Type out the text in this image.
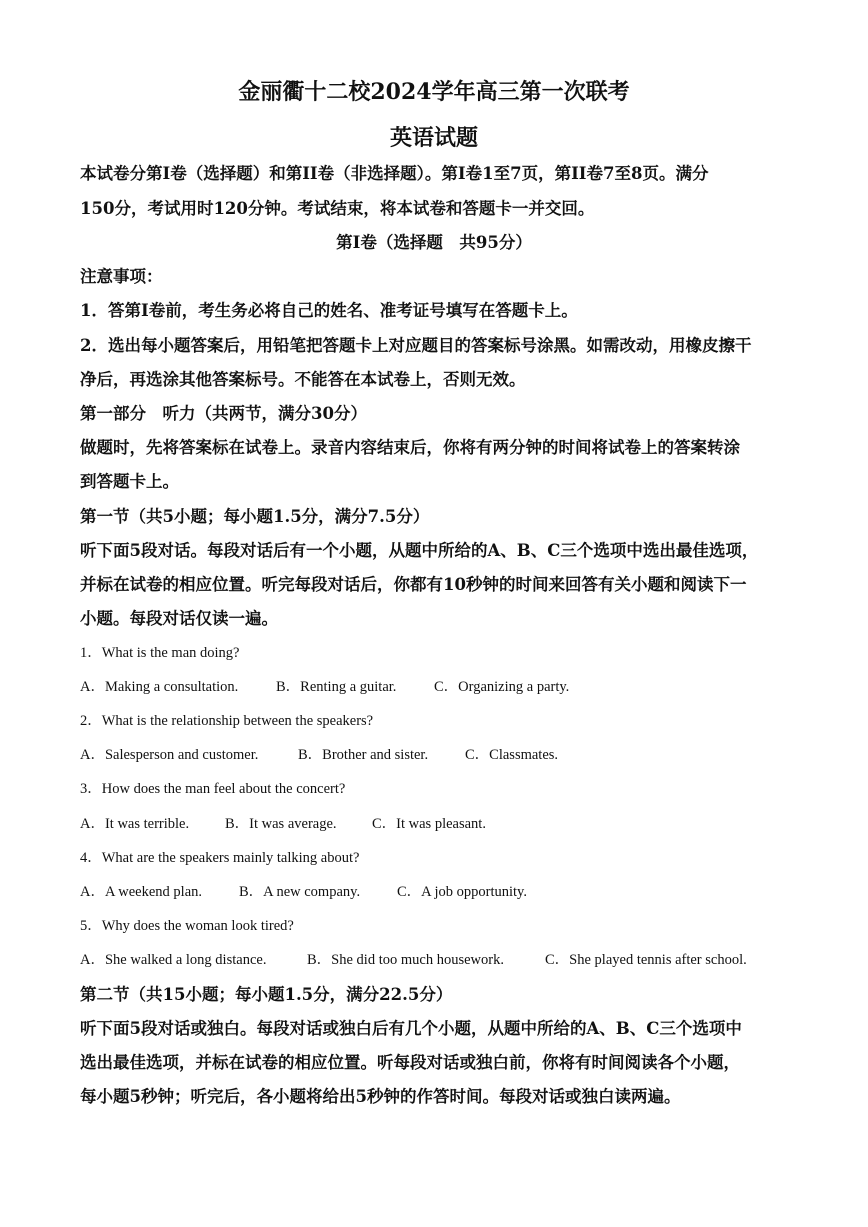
金丽衢十二校2024学年高三第一次联考
英语试题
本试卷分第I卷（选择题）和第II卷（非选择题）。第I卷1至7页，第II卷7至8页。满分
150分，考试用时120分钟。考试结束，将本试卷和答题卡一并交回。
第I卷（选择题　共95分）
注意事项：
1．答第I卷前，考生务必将自己的姓名、准考证号填写在答题卡上。
2．选出每小题答案后，用铅笔把答题卡上对应题目的答案标号涂黑。如需改动，用橡皮擦干
净后，再选涂其他答案标号。不能答在本试卷上，否则无效。
第一部分　听力（共两节，满分30分）
做题时，先将答案标在试卷上。录音内容结束后，你将有两分钟的时间将试卷上的答案转涂
到答题卡上。
第一节（共5小题；每小题1.5分，满分7.5分）
听下面5段对话。每段对话后有一个小题，从题中所给的A、B、C三个选项中选出最佳选项，
并标在试卷的相应位置。听完每段对话后，你都有10秒钟的时间来回答有关小题和阅读下一
小题。每段对话仅读一遍。
1．What is the man doing?
A．Making a consultation.	B．Renting a guitar.	C．Organizing a party.
2．What is the relationship between the speakers?
A．Salesperson and customer.	B．Brother and sister.	C．Classmates.
3．How does the man feel about the concert?
A．It was terrible. B．It was average. C．It was pleasant.
4．What are the speakers mainly talking about?
A．A weekend plan.	B．A new company.	C．A job opportunity.
5．Why does the woman look tired?
A．She walked a long distance.	B．She did too much housework.	C．She played tennis after school.
第二节（共15小题；每小题1.5分，满分22.5分）
听下面5段对话或独白。每段对话或独白后有几个小题，从题中所给的A、B、C三个选项中
选出最佳选项，并标在试卷的相应位置。听每段对话或独白前，你将有时间阅读各个小题，
每小题5秒钟；听完后，各小题将给出5秒钟的作答时间。每段对话或独白读两遍。
